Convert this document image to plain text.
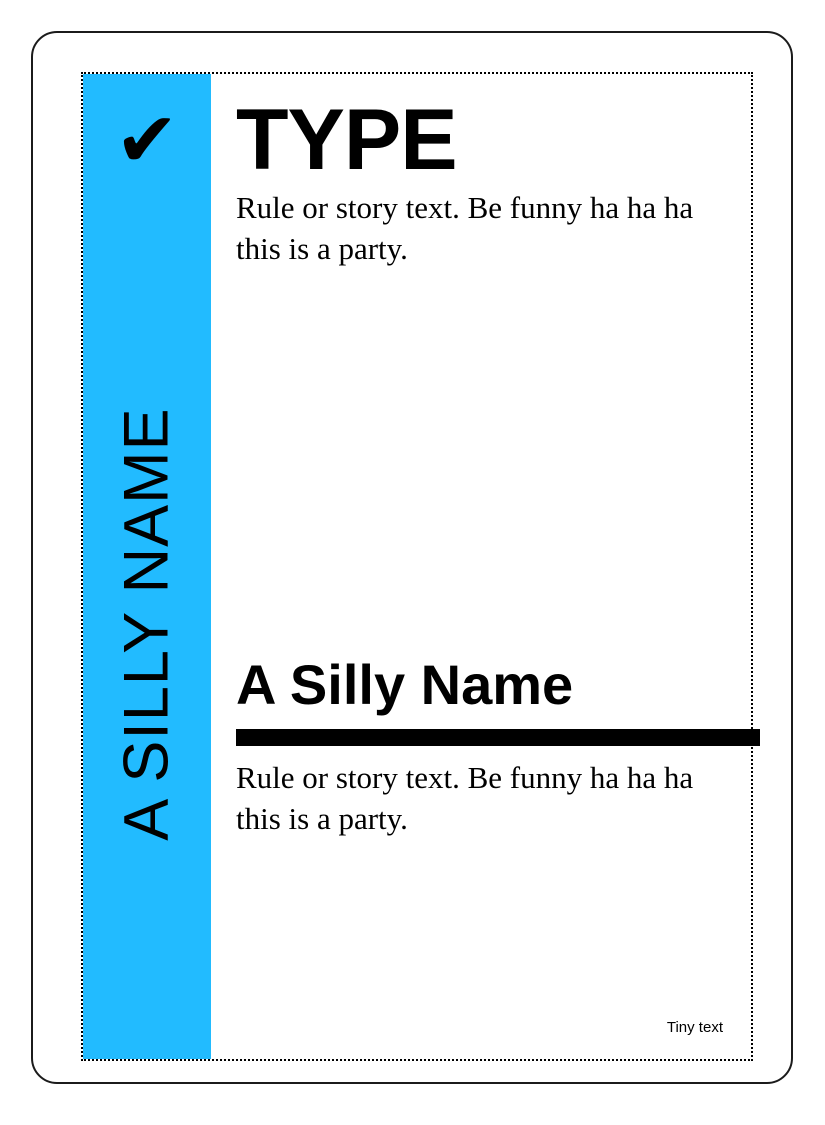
✔
A SILLY NAME
TYPE

Rule or story text. Be funny ha ha ha this is a party.

A Silly Name

Rule or story text. Be funny ha ha ha this is a party.

Tiny text
